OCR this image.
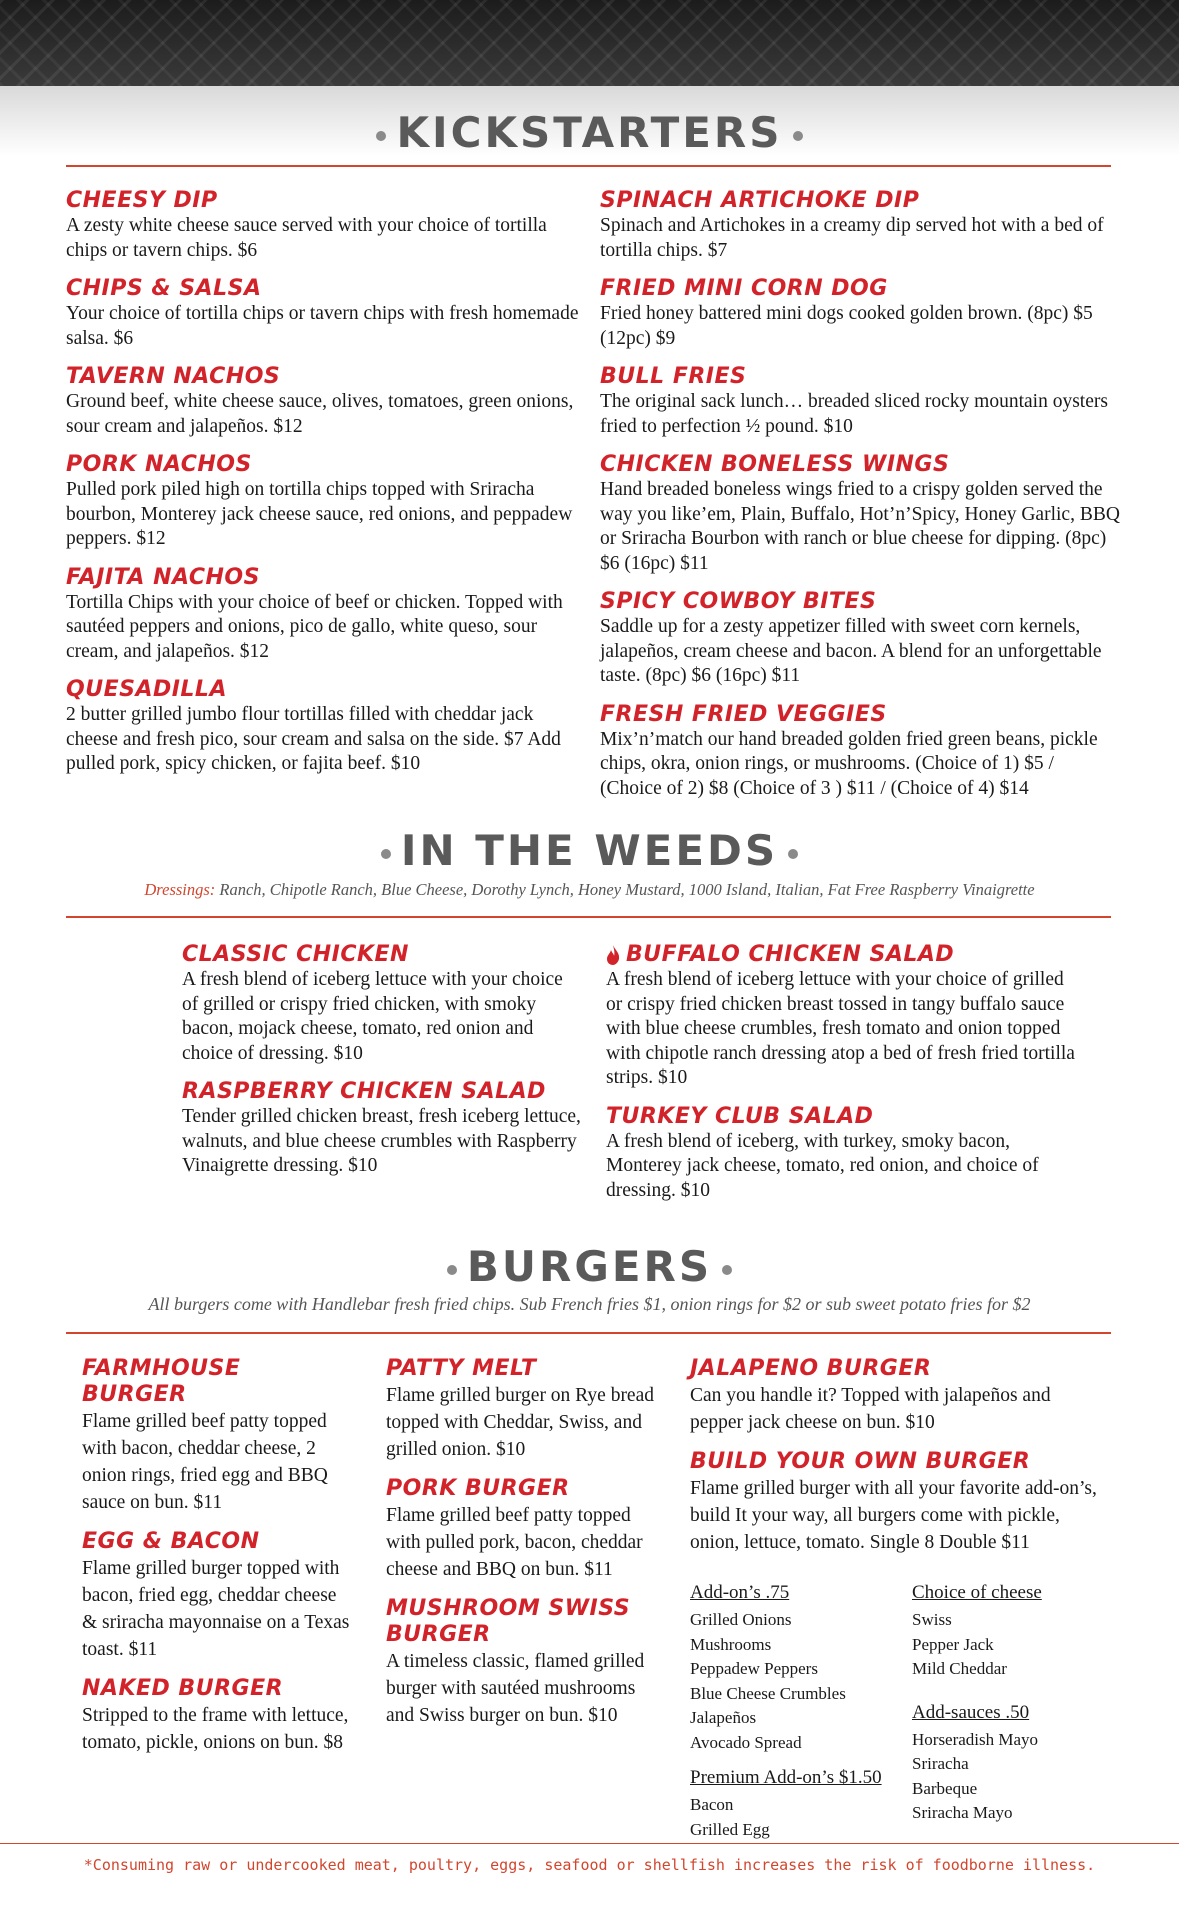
KICKSTARTERS
CHEESY DIP
A zesty white cheese sauce served with your choice of tortilla chips or tavern chips. $6
CHIPS & SALSA
Your choice of tortilla chips or tavern chips with fresh homemade salsa. $6
TAVERN NACHOS
Ground beef, white cheese sauce, olives, tomatoes, green onions, sour cream and jalapeños. $12
PORK NACHOS
Pulled pork piled high on tortilla chips topped with Sriracha bourbon, Monterey jack cheese sauce, red onions, and peppadew peppers. $12
FAJITA NACHOS
Tortilla Chips with your choice of beef or chicken. Topped with sautéed peppers and onions, pico de gallo, white queso, sour cream, and jalapeños. $12
QUESADILLA
2 butter grilled jumbo flour tortillas filled with cheddar jack cheese and fresh pico, sour cream and salsa on the side. $7 Add pulled pork, spicy chicken, or fajita beef. $10
SPINACH ARTICHOKE DIP
Spinach and Artichokes in a creamy dip served hot with a bed of tortilla chips. $7
FRIED MINI CORN DOG
Fried honey battered mini dogs cooked golden brown. (8pc) $5 (12pc) $9
BULL FRIES
The original sack lunch… breaded sliced rocky mountain oysters fried to perfection ½ pound. $10
CHICKEN BONELESS WINGS
Hand breaded boneless wings fried to a crispy golden served the way you like’em, Plain, Buffalo, Hot’n’Spicy, Honey Garlic, BBQ or Sriracha Bourbon with ranch or blue cheese for dipping. (8pc) $6 (16pc) $11
SPICY COWBOY BITES
Saddle up for a zesty appetizer filled with sweet corn kernels, jalapeños, cream cheese and bacon. A blend for an unforgettable taste. (8pc) $6 (16pc) $11
FRESH FRIED VEGGIES
Mix’n’match our hand breaded golden fried green beans, pickle chips, okra, onion rings, or mushrooms. (Choice of 1) $5 / (Choice of 2) $8 (Choice of 3 ) $11 / (Choice of 4) $14
IN THE WEEDS
Dressings: Ranch, Chipotle Ranch, Blue Cheese, Dorothy Lynch, Honey Mustard, 1000 Island, Italian, Fat Free Raspberry Vinaigrette
CLASSIC CHICKEN
A fresh blend of iceberg lettuce with your choice of grilled or crispy fried chicken, with smoky bacon, mojack cheese, tomato, red onion and choice of dressing. $10
RASPBERRY CHICKEN SALAD
Tender grilled chicken breast, fresh iceberg lettuce, walnuts, and blue cheese crumbles with Raspberry Vinaigrette dressing. $10
BUFFALO CHICKEN SALAD
A fresh blend of iceberg lettuce with your choice of grilled or crispy fried chicken breast tossed in tangy buffalo sauce with blue cheese crumbles, fresh tomato and onion topped with chipotle ranch dressing atop a bed of fresh fried tortilla strips. $10
TURKEY CLUB SALAD
A fresh blend of iceberg, with turkey, smoky bacon, Monterey jack cheese, tomato, red onion, and choice of dressing. $10
BURGERS
All burgers come with Handlebar fresh fried chips. Sub French fries $1, onion rings for $2 or sub sweet potato fries for $2
FARMHOUSE BURGER
Flame grilled beef patty topped with bacon, cheddar cheese, 2 onion rings, fried egg and BBQ sauce on bun. $11
EGG & BACON
Flame grilled burger topped with bacon, fried egg, cheddar cheese & sriracha mayonnaise on a Texas toast. $11
NAKED BURGER
Stripped to the frame with lettuce, tomato, pickle, onions on bun. $8
PATTY MELT
Flame grilled burger on Rye bread topped with Cheddar, Swiss, and grilled onion. $10
PORK BURGER
Flame grilled beef patty topped with pulled pork, bacon, cheddar cheese and BBQ on bun. $11
MUSHROOM SWISS BURGER
A timeless classic, flamed grilled burger with sautéed mushrooms and Swiss burger on bun. $10
JALAPENO BURGER
Can you handle it? Topped with jalapeños and pepper jack cheese on bun. $10
BUILD YOUR OWN BURGER
Flame grilled burger with all your favorite add-on’s, build It your way, all burgers come with pickle, onion, lettuce, tomato. Single 8 Double $11
Add-on’s .75
Grilled Onions
Mushrooms
Peppadew Peppers
Blue Cheese Crumbles
Jalapeños
Avocado Spread
Premium Add-on’s $1.50
Bacon
Grilled Egg
Choice of cheese
Swiss
Pepper Jack
Mild Cheddar
Add-sauces .50
Horseradish Mayo
Sriracha
Barbeque
Sriracha Mayo
*Consuming raw or undercooked meat, poultry, eggs, seafood or shellfish increases the risk of foodborne illness.
